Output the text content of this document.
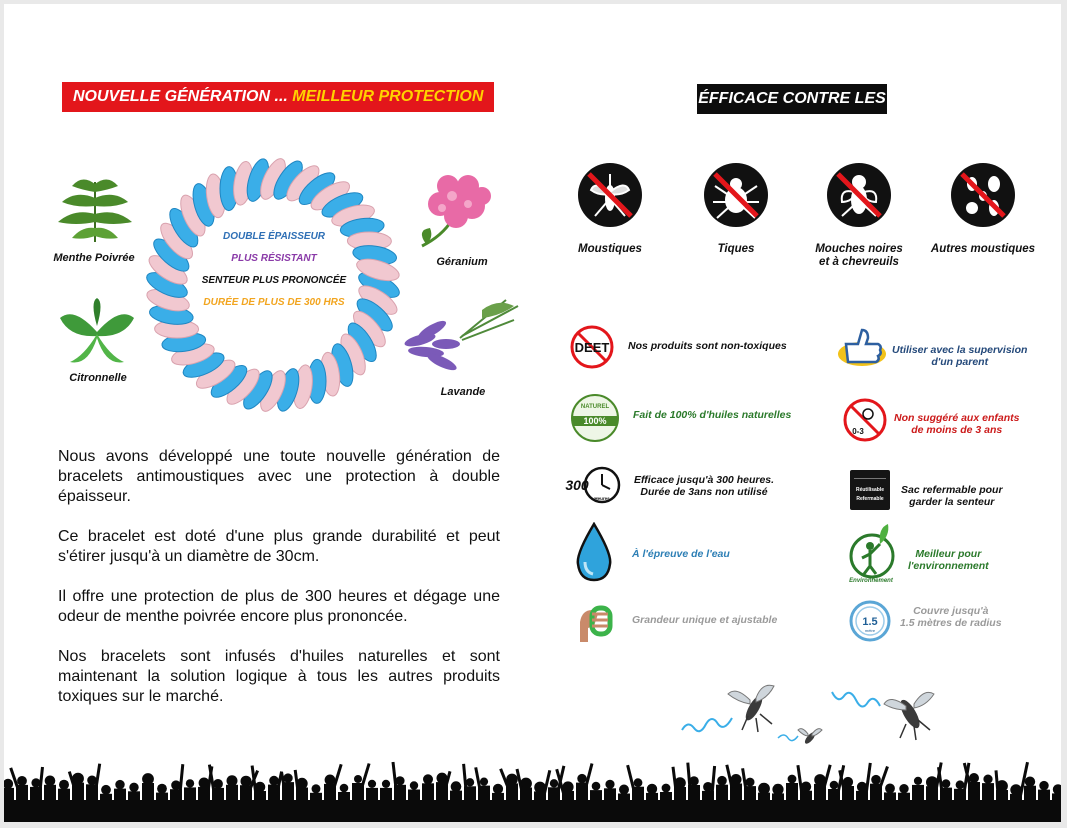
NOUVELLE GÉNÉRATION ... MEILLEUR PROTECTION	ÉFFICACE CONTRE LES
DOUBLE ÉPAISSEUR
PLUS RÉSISTANT
SENTEUR PLUS PRONONCÉE
DURÉE DE PLUS DE 300 HRS
Menthe Poivrée
Citronnelle
Géranium
Lavande

Nous avons développé une toute nouvelle génération de bracelets antimoustiques avec une protection à double épaisseur.

Ce bracelet est doté d'une plus grande durabilité et peut s'étirer jusqu'à un diamètre de 30cm.

Il offre une protection de plus de 300 heures et dégage une odeur de menthe poivrée encore plus prononcée.

Nos bracelets sont infusés d'huiles naturelles et sont maintenant la solution logique à tous les autres produits toxiques sur le marché.

Moustiques	Tiques	Mouches noires
et à chevreuils
Autres moustiques
DEET Nos produits sont non-toxiques	Utiliser avec la supervision
d'un parent
100%
NATUREL
Fait de 100% d'huiles naturelles
0-3
Non suggéré aux enfants
de moins de 3 ans
300
Heures
Efficace jusqu'à 300 heures.
Durée de 3ans non utilisé	Réutilisable
Refermable
Sac refermable pour
garder la senteur
À l'épreuve de l'eau
Environnement
Meilleur pour
l'environnement
Grandeur unique et ajustable	1.5
mètre
Couvre jusqu'à
1.5 mètres de radius
